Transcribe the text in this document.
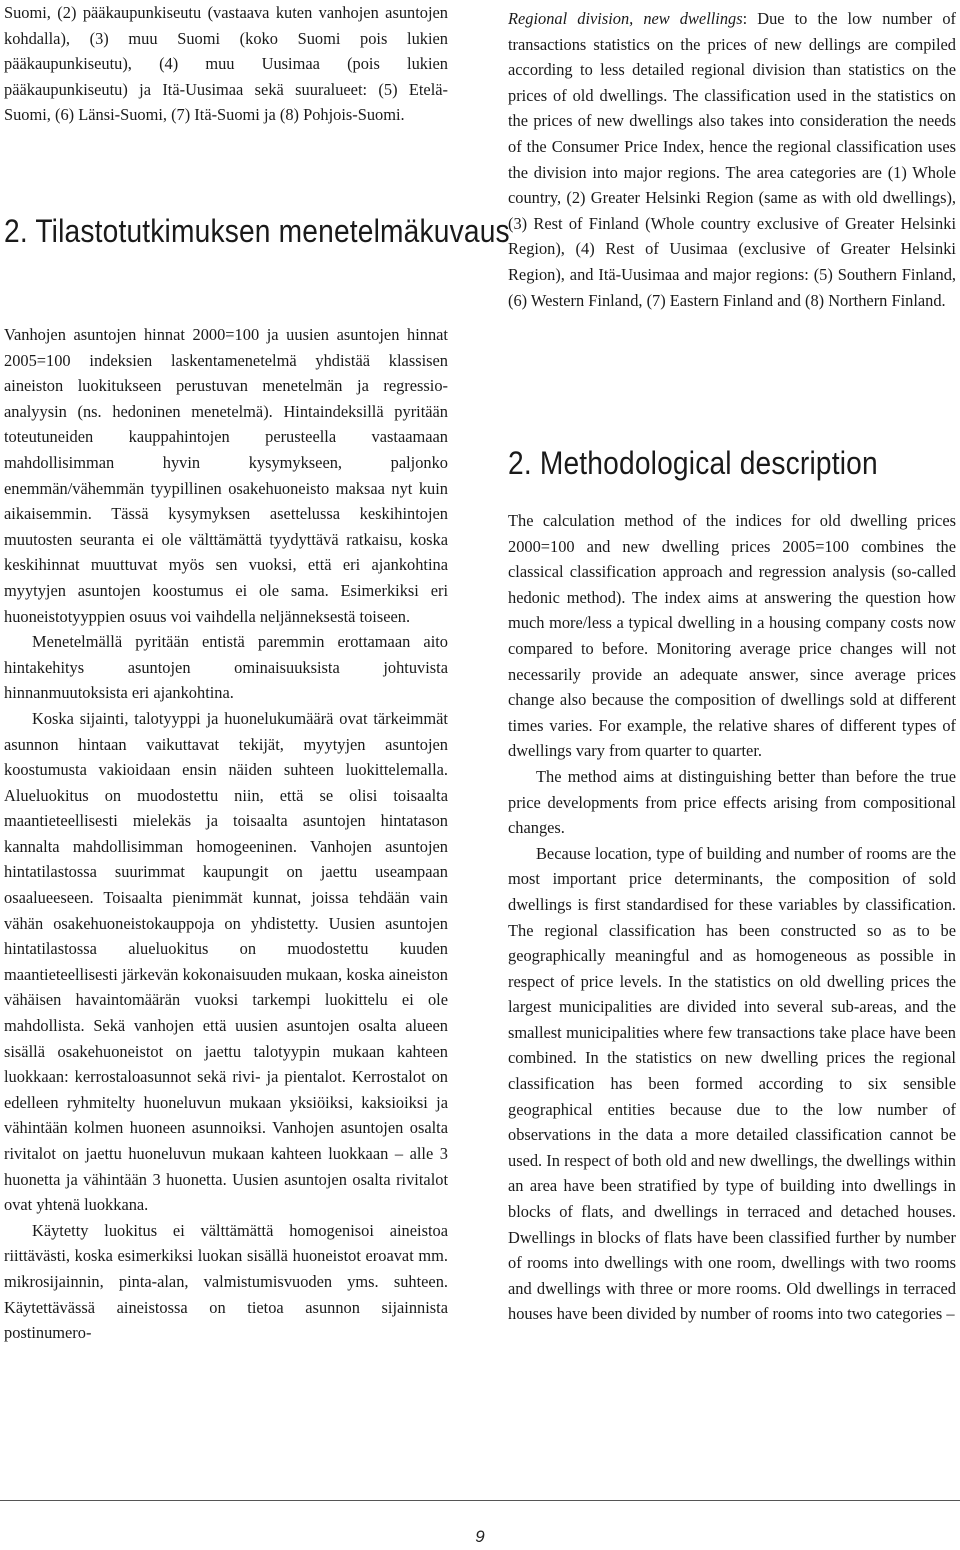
Suomi, (2) pääkaupunkiseutu (vastaava kuten vanhojen asuntojen kohdalla), (3) muu Suomi (koko Suomi pois lukien pääkaupunkiseutu), (4) muu Uusimaa (pois lukien pääkaupunkiseutu) ja Itä-Uusimaa sekä suuralueet: (5) Etelä-Suomi, (6) Länsi-Suomi, (7) Itä-Suomi ja (8) Pohjois-Suomi.

2. Tilastotutkimuksen menetelmäkuvaus

Vanhojen asuntojen hinnat 2000=100 ja uusien asuntojen hinnat 2005=100 indeksien laskentamenetelmä yhdistää klassisen aineiston luokitukseen perustuvan menetelmän ja regressio-analyysin (ns. hedoninen menetelmä). Hintaindeksillä pyritään toteutuneiden kauppahintojen perusteella vastaamaan mahdollisimman hyvin kysymykseen, paljonko enemmän/vähemmän tyypillinen osakehuoneisto maksaa nyt kuin aikaisemmin. Tässä kysymyksen asettelussa keskihintojen muutosten seuranta ei ole välttämättä tyydyttävä ratkaisu, koska keskihinnat muuttuvat myös sen vuoksi, että eri ajankohtina myytyjen asuntojen koostumus ei ole sama. Esimerkiksi eri huoneistotyyppien osuus voi vaihdella neljänneksestä toiseen.

Menetelmällä pyritään entistä paremmin erottamaan aito hintakehitys asuntojen ominaisuuksista johtuvista hinnanmuutoksista eri ajankohtina.

Koska sijainti, talotyyppi ja huonelukumäärä ovat tärkeimmät asunnon hintaan vaikuttavat tekijät, myytyjen asuntojen koostumusta vakioidaan ensin näiden suhteen luokittelemalla. Alueluokitus on muodostettu niin, että se olisi toisaalta maantieteellisesti mielekäs ja toisaalta asuntojen hintatason kannalta mahdollisimman homogeeninen. Vanhojen asuntojen hintatilastossa suurimmat kaupungit on jaettu useampaan osaalueeseen. Toisaalta pienimmät kunnat, joissa tehdään vain vähän osakehuoneistokauppoja on yhdistetty. Uusien asuntojen hintatilastossa alueluokitus on muodostettu kuuden maantieteellisesti järkevän kokonaisuuden mukaan, koska aineiston vähäisen havaintomäärän vuoksi tarkempi luokittelu ei ole mahdollista. Sekä vanhojen että uusien asuntojen osalta alueen sisällä osakehuoneistot on jaettu talotyypin mukaan kahteen luokkaan: kerrostaloasunnot sekä rivi- ja pientalot. Kerrostalot on edelleen ryhmitelty huoneluvun mukaan yksiöiksi, kaksioiksi ja vähintään kolmen huoneen asunnoiksi. Vanhojen asuntojen osalta rivitalot on jaettu huoneluvun mukaan kahteen luokkaan – alle 3 huonetta ja vähintään 3 huonetta. Uusien asuntojen osalta rivitalot ovat yhtenä luokkana.

Käytetty luokitus ei välttämättä homogenisoi aineistoa riittävästi, koska esimerkiksi luokan sisällä huoneistot eroavat mm. mikrosijainnin, pinta-alan, valmistumisvuoden yms. suhteen. Käytettävässä aineistossa on tietoa asunnon sijainnista postinumero-

Regional division, new dwellings: Due to the low number of transactions statistics on the prices of new dellings are compiled according to less detailed regional division than statistics on the prices of old dwellings. The classification used in the statistics on the prices of new dwellings also takes into consideration the needs of the Consumer Price Index, hence the regional classification uses the division into major regions. The area categories are (1) Whole country, (2) Greater Helsinki Region (same as with old dwellings), (3) Rest of Finland (Whole country exclusive of Greater Helsinki Region), (4) Rest of Uusimaa (exclusive of Greater Helsinki Region), and Itä-Uusimaa and major regions: (5) Southern Finland, (6) Western Finland, (7) Eastern Finland and (8) Northern Finland.

2. Methodological description

The calculation method of the indices for old dwelling prices 2000=100 and new dwelling prices 2005=100 combines the classical classification approach and regression analysis (so-called hedonic method). The index aims at answering the question how much more/less a typical dwelling in a housing company costs now compared to before. Monitoring average price changes will not necessarily provide an adequate answer, since average prices change also because the composition of dwellings sold at different times varies. For example, the relative shares of different types of dwellings vary from quarter to quarter.

The method aims at distinguishing better than before the true price developments from price effects arising from compositional changes.

Because location, type of building and number of rooms are the most important price determinants, the composition of sold dwellings is first standardised for these variables by classification. The regional classification has been constructed so as to be geographically meaningful and as homogeneous as possible in respect of price levels. In the statistics on old dwelling prices the largest municipalities are divided into several sub-areas, and the smallest municipalities where few transactions take place have been combined. In the statistics on new dwelling prices the regional classification has been formed according to six sensible geographical entities because due to the low number of observations in the data a more detailed classification cannot be used. In respect of both old and new dwellings, the dwellings within an area have been stratified by type of building into dwellings in blocks of flats, and dwellings in terraced and detached houses. Dwellings in blocks of flats have been classified further by number of rooms into dwellings with one room, dwellings with two rooms and dwellings with three or more rooms. Old dwellings in terraced houses have been divided by number of rooms into two categories –

9
